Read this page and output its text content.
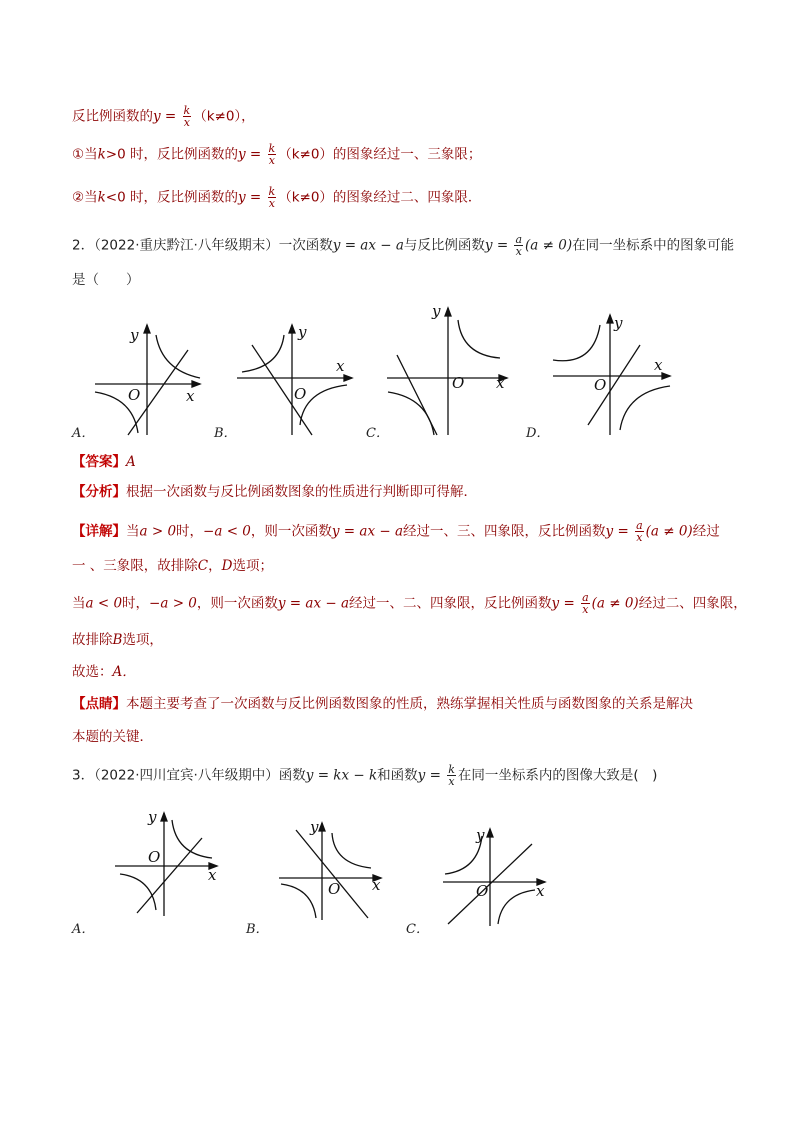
反比例函数的$y = \frac{k}{x} (k\ne 0)$，
①当k>0 时，反比例函数的$y = \frac{k}{x} (k\ne 0)$的图象经过一、三象限；
②当k<0 时，反比例函数的$y = \frac{k}{x} (k\ne 0)$的图象经过二、四象限．
2．（2022·重庆黔江·八年级期末）一次函数y = ax − a与反比例函数$y = \frac{a}{x} (a \ne 0)$在同一坐标系中的图象可能
是（　　）
y
x
O
A．
y
x
O
B．
y
x
O
C．
y
x
O
D．
【答案】A
【分析】根据一次函数与反比例函数图象的性质进行判断即可得解．
【详解】当a > 0时，−a < 0，则一次函数y = ax − a经过一、三、四象限，反比例函数$y = \frac{a}{x} (a \ne 0)$经过
一 、三象限，故排除C，D选项；
当a < 0时，−a > 0，则一次函数y = ax − a经过一、二、四象限，反比例函数$y = \frac{a}{x} (a \ne 0)$经过二、四象限，
故排除B选项，
故选：A．
【点睛】本题主要考查了一次函数与反比例函数图象的性质，熟练掌握相关性质与函数图象的关系是解决
本题的关键．
3．（2022·四川宜宾·八年级期中）函数y = kx − k和函数$y = \frac{k}{x}$ 在同一坐标系内的图像大致是(　)
y
x
O
A．
y
x
O
B．
y
x
O
C．
